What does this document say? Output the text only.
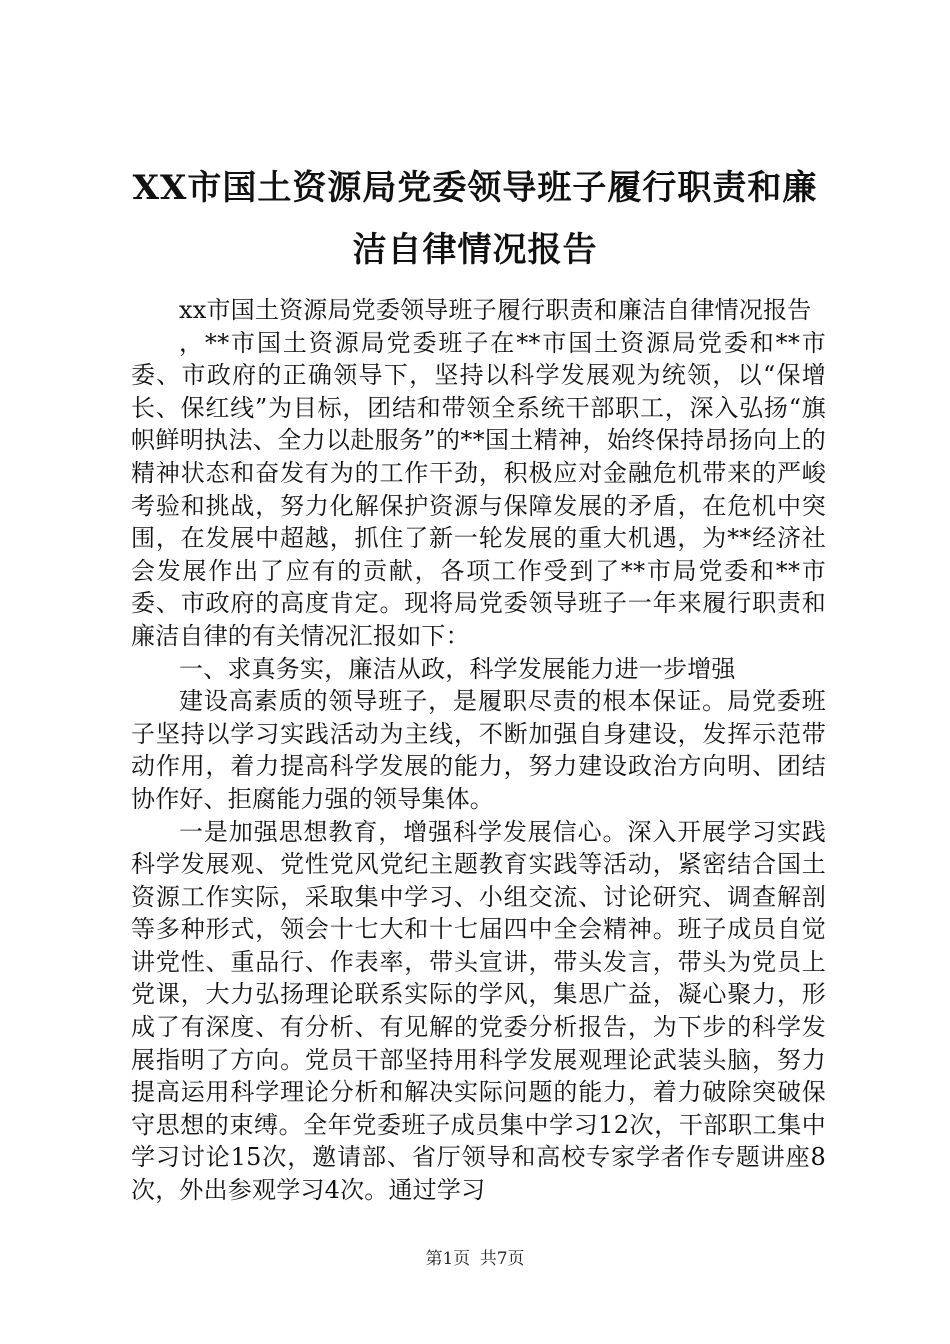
XX市国土资源局党委领导班子履行职责和廉
洁自律情况报告

xx市国土资源局党委领导班子履行职责和廉洁自律情况报告

，**市国土资源局党委班子在**市国土资源局党委和**市委、市政府的正确领导下，坚持以科学发展观为统领，以“保增长、保红线”为目标，团结和带领全系统干部职工，深入弘扬“旗帜鲜明执法、全力以赴服务”的**国土精神，始终保持昂扬向上的精神状态和奋发有为的工作干劲，积极应对金融危机带来的严峻考验和挑战，努力化解保护资源与保障发展的矛盾，在危机中突围，在发展中超越，抓住了新一轮发展的重大机遇，为**经济社会发展作出了应有的贡献，各项工作受到了**市局党委和**市委、市政府的高度肯定。现将局党委领导班子一年来履行职责和廉洁自律的有关情况汇报如下：

一、求真务实，廉洁从政，科学发展能力进一步增强

建设高素质的领导班子，是履职尽责的根本保证。局党委班子坚持以学习实践活动为主线，不断加强自身建设，发挥示范带动作用，着力提高科学发展的能力，努力建设政治方向明、团结协作好、拒腐能力强的领导集体。

一是加强思想教育，增强科学发展信心。深入开展学习实践科学发展观、党性党风党纪主题教育实践等活动，紧密结合国土资源工作实际，采取集中学习、小组交流、讨论研究、调查解剖等多种形式，领会十七大和十七届四中全会精神。班子成员自觉讲党性、重品行、作表率，带头宣讲，带头发言，带头为党员上党课，大力弘扬理论联系实际的学风，集思广益，凝心聚力，形成了有深度、有分析、有见解的党委分析报告，为下步的科学发展指明了方向。党员干部坚持用科学发展观理论武装头脑，努力提高运用科学理论分析和解决实际问题的能力，着力破除突破保守思想的束缚。全年党委班子成员集中学习12次，干部职工集中学习讨论15次，邀请部、省厅领导和高校专家学者作专题讲座8次，外出参观学习4次。通过学习

第1页 共7页
